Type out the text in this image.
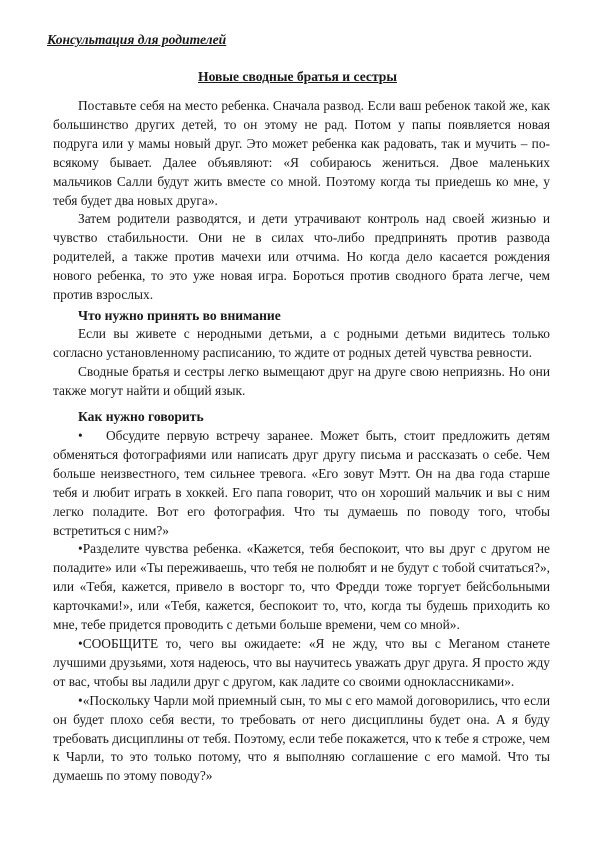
Консультация для родителей
Новые сводные братья и сестры

Поставьте себя на место ребенка. Сначала развод. Если ваш ребенок такой же, как большинство других детей, то он этому не рад. Потом у папы появляется новая подруга или у мамы новый друг. Это может ребенка как радовать, так и мучить – по-всякому бывает. Далее объявляют: «Я собираюсь жениться. Двое маленьких мальчиков Салли будут жить вместе со мной. Поэтому когда ты приедешь ко мне, у тебя будет два новых друга».

Затем родители разводятся, и дети утрачивают контроль над своей жизнью и чувство стабильности. Они не в силах что-либо предпринять против развода родителей, а также против мачехи или отчима. Но когда дело касается рождения нового ребенка, то это уже новая игра. Бороться против сводного брата легче, чем против взрослых.

Что нужно принять во внимание

Если вы живете с неродными детьми, а с родными детьми видитесь только согласно установленному расписанию, то ждите от родных детей чувства ревности.

Сводные братья и сестры легко вымещают друг на друге свою неприязнь. Но они также могут найти и общий язык.

Как нужно говорить

• Обсудите первую встречу заранее. Может быть, стоит предложить детям обменяться фотографиями или написать друг другу письма и рассказать о себе. Чем больше неизвестного, тем сильнее тревога. «Его зовут Мэтт. Он на два года старше тебя и любит играть в хоккей. Его папа говорит, что он хороший мальчик и вы с ним легко поладите. Вот его фотография. Что ты думаешь по поводу того, чтобы встретиться с ним?»

•Разделите чувства ребенка. «Кажется, тебя беспокоит, что вы друг с другом не поладите» или «Ты переживаешь, что тебя не полюбят и не будут с тобой считаться?», или «Тебя, кажется, привело в восторг то, что Фредди тоже торгует бейсбольными карточками!», или «Тебя, кажется, беспокоит то, что, когда ты будешь приходить ко мне, тебе придется проводить с детьми больше времени, чем со мной».

•СООБЩИТЕ то, чего вы ожидаете: «Я не жду, что вы с Меганом станете лучшими друзьями, хотя надеюсь, что вы научитесь уважать друг друга. Я просто жду от вас, чтобы вы ладили друг с другом, как ладите со своими одноклассниками».

•«Поскольку Чарли мой приемный сын, то мы с его мамой договорились, что если он будет плохо себя вести, то требовать от него дисциплины будет она. А я буду требовать дисциплины от тебя. Поэтому, если тебе покажется, что к тебе я строже, чем к Чарли, то это только потому, что я выполняю соглашение с его мамой. Что ты думаешь по этому поводу?»
